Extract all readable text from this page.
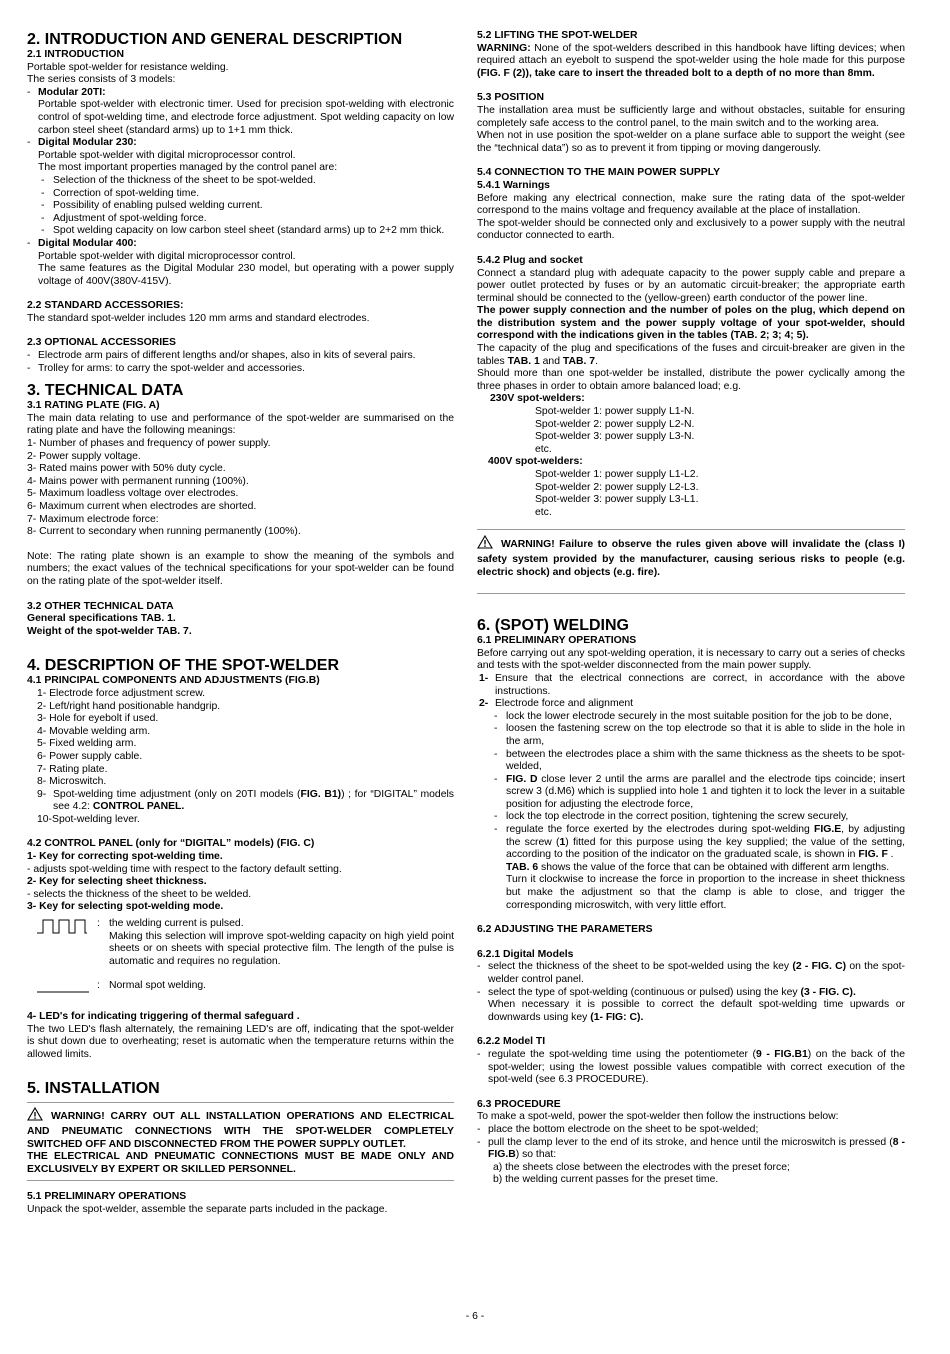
2. INTRODUCTION AND GENERAL DESCRIPTION
2.1 INTRODUCTION

Portable spot-welder for resistance welding.

The series consists of 3 models:

- Modular 20TI:

Portable spot-welder with electronic timer. Used for precision spot-welding with electronic control of spot-welding time, and electrode force adjustment. Spot welding capacity on low carbon steel sheet (standard arms) up to 1+1 mm thick.

- Digital Modular 230:

Portable spot-welder with digital microprocessor control.

The most important properties managed by the control panel are:

- Selection of the thickness of the sheet to be spot-welded.
- Correction of spot-welding time.
- Possibility of enabling pulsed welding current.
- Adjustment of spot-welding force.
- Spot welding capacity on low carbon steel sheet (standard arms) up to 2+2 mm thick.
- Digital Modular 400:

Portable spot-welder with digital microprocessor control.

The same features as the Digital Modular 230 model, but operating with a power supply voltage of 400V(380V-415V).

2.2 STANDARD ACCESSORIES:

The standard spot-welder includes 120 mm arms and standard electrodes.

2.3 OPTIONAL ACCESSORIES
- Electrode arm pairs of different lengths and/or shapes, also in kits of several pairs.
- Trolley for arms: to carry the spot-welder and accessories.
3. TECHNICAL DATA
3.1 RATING PLATE (FIG. A)

The main data relating to use and performance of the spot-welder are summarised on the rating plate and have the following meanings:

1- Number of phases and frequency of power supply.
2- Power supply voltage.
3- Rated mains power with 50% duty cycle.
4- Mains power with permanent running (100%).
5- Maximum loadless voltage over electrodes.
6- Maximum current when electrodes are shorted.
7- Maximum electrode force:
8- Current to secondary when running permanently (100%).

Note: The rating plate shown is an example to show the meaning of the symbols and numbers; the exact values of the technical specifications for your spot-welder can be found on the rating plate of the spot-welder itself.

3.2 OTHER TECHNICAL DATA
General specifications TAB. 1.
Weight of the spot-welder TAB. 7.
4. DESCRIPTION OF THE SPOT-WELDER
4.1 PRINCIPAL COMPONENTS AND ADJUSTMENTS (FIG.B)
1- Electrode force adjustment screw.
2- Left/right hand positionable handgrip.
3- Hole for eyebolt if used.
4- Movable welding arm.
5- Fixed welding arm.
6- Power supply cable.
7- Rating plate.
8- Microswitch.
9- Spot-welding time adjustment (only on 20TI models (FIG. B1)) ; for “DIGITAL” models see 4.2: CONTROL PANEL.
10-Spot-welding lever.
4.2 CONTROL PANEL (only for “DIGITAL” models) (FIG. C)
1- Key for correcting spot-welding time.
- adjusts spot-welding time with respect to the factory default setting.
2- Key for selecting sheet thickness.
- selects the thickness of the sheet to be welded.
3- Key for selecting spot-welding mode.
: the welding current is pulsed.

Making this selection will improve spot-welding capacity on high yield point sheets or on sheets with special protective film. The length of the pulse is automatic and requires no regulation.

: Normal spot welding.
4- LED's for indicating triggering of thermal safeguard .

The two LED's flash alternately, the remaining LED's are off, indicating that the spot-welder is shut down due to overheating; reset is automatic when the temperature returns within the allowed limits.

5. INSTALLATION

WARNING! CARRY OUT ALL INSTALLATION OPERATIONS AND ELECTRICAL AND PNEUMATIC CONNECTIONS WITH THE SPOT-WELDER COMPLETELY SWITCHED OFF AND DISCONNECTED FROM THE POWER SUPPLY OUTLET.

THE ELECTRICAL AND PNEUMATIC CONNECTIONS MUST BE MADE ONLY AND EXCLUSIVELY BY EXPERT OR SKILLED PERSONNEL.

5.1 PRELIMINARY OPERATIONS

Unpack the spot-welder, assemble the separate parts included in the package.

5.2 LIFTING THE SPOT-WELDER

WARNING: None of the spot-welders described in this handbook have lifting devices; when required attach an eyebolt to suspend the spot-welder using the hole made for this purpose (FIG. F (2)), take care to insert the threaded bolt to a depth of no more than 8mm.

5.3 POSITION

The installation area must be sufficiently large and without obstacles, suitable for ensuring completely safe access to the control panel, to the main switch and to the working area.

When not in use position the spot-welder on a plane surface able to support the weight (see the “technical data”) so as to prevent it from tipping or moving dangerously.

5.4 CONNECTION TO THE MAIN POWER SUPPLY
5.4.1 Warnings

Before making any electrical connection, make sure the rating data of the spot-welder correspond to the mains voltage and frequency available at the place of installation.

The spot-welder should be connected only and exclusively to a power supply with the neutral conductor connected to earth.

5.4.2 Plug and socket

Connect a standard plug with adequate capacity to the power supply cable and prepare a power outlet protected by fuses or by an automatic circuit-breaker; the appropriate earth terminal should be connected to the (yellow-green) earth conductor of the power line.

The power supply connection and the number of poles on the plug, which depend on the distribution system and the power supply voltage of your spot-welder, should correspond with the indications given in the tables (TAB. 2; 3; 4; 5).

The capacity of the plug and specifications of the fuses and circuit-breaker are given in the tables TAB. 1 and TAB. 7.

Should more than one spot-welder be installed, distribute the power cyclically among the three phases in order to obtain amore balanced load; e.g.

230V spot-welders:
Spot-welder 1: power supply L1-N.
Spot-welder 2: power supply L2-N.
Spot-welder 3: power supply L3-N.
etc.
400V spot-welders:
Spot-welder 1: power supply L1-L2.
Spot-welder 2: power supply L2-L3.
Spot-welder 3: power supply L3-L1.
etc.

WARNING! Failure to observe the rules given above will invalidate the (class I) safety system provided by the manufacturer, causing serious risks to people (e.g. electric shock) and objects (e.g. fire).

6. (SPOT) WELDING
6.1 PRELIMINARY OPERATIONS

Before carrying out any spot-welding operation, it is necessary to carry out a series of checks and tests with the spot-welder disconnected from the main power supply.

1- Ensure that the electrical connections are correct, in accordance with the above instructions.
2- Electrode force and alignment
- lock the lower electrode securely in the most suitable position for the job to be done,
- loosen the fastening screw on the top electrode so that it is able to slide in the hole in the arm,
- between the electrodes place a shim with the same thickness as the sheets to be spot-welded,
- FIG. D close lever 2 until the arms are parallel and the electrode tips coincide; insert screw 3 (d.M6) which is supplied into hole 1 and tighten it to lock the lever in a suitable position for adjusting the electrode force,
- lock the top electrode in the correct position, tightening the screw securely,
- regulate the force exerted by the electrodes during spot-welding FIG.E, by adjusting the screw (1) fitted for this purpose using the key supplied; the value of the setting, according to the position of the indicator on the graduated scale, is shown in FIG. F .

TAB. 6 shows the value of the force that can be obtained with different arm lengths.

Turn it clockwise to increase the force in proportion to the increase in sheet thickness but make the adjustment so that the clamp is able to close, and trigger the corresponding microswitch, with very little effort.

6.2 ADJUSTING THE PARAMETERS
6.2.1 Digital Models
- select the thickness of the sheet to be spot-welded using the key (2 - FIG. C) on the spot-welder control panel.
- select the type of spot-welding (continuous or pulsed) using the key (3 - FIG. C).

When necessary it is possible to correct the default spot-welding time upwards or downwards using key (1- FIG: C).

6.2.2 Model TI
- regulate the spot-welding time using the potentiometer (9 - FIG.B1) on the back of the spot-welder; using the lowest possible values compatible with correct execution of the spot-weld (see 6.3 PROCEDURE).
6.3 PROCEDURE

To make a spot-weld, power the spot-welder then follow the instructions below:

- place the bottom electrode on the sheet to be spot-welded;
- pull the clamp lever to the end of its stroke, and hence until the microswitch is pressed (8 - FIG.B) so that:
a) the sheets close between the electrodes with the preset force;
b) the welding current passes for the preset time.
- 6 -
